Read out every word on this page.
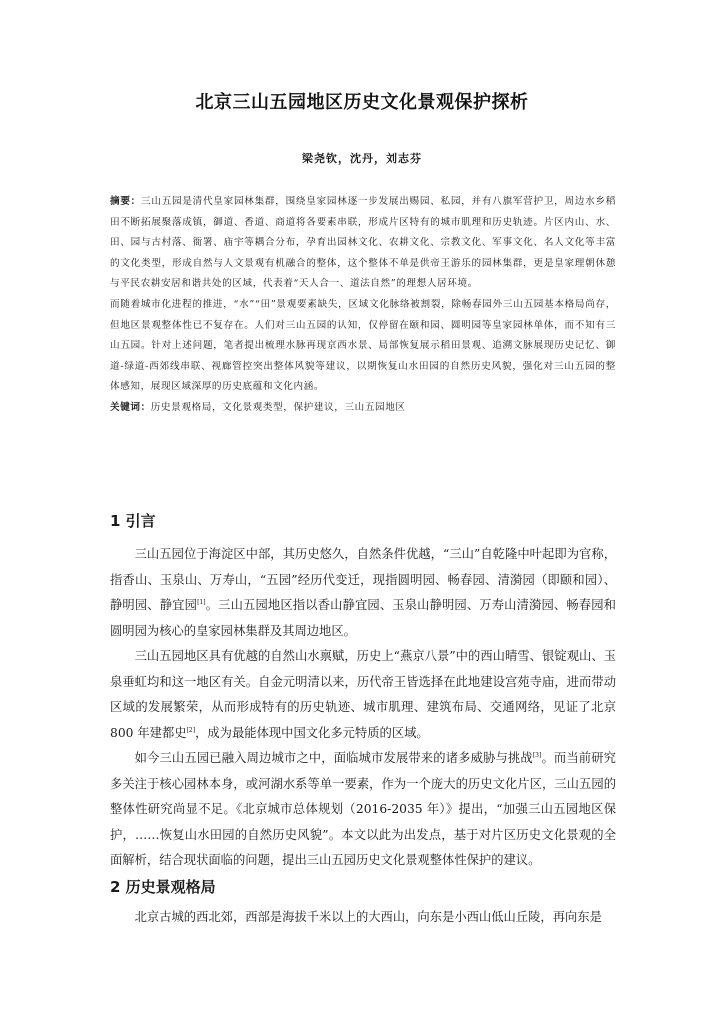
北京三山五园地区历史文化景观保护探析
梁尧钦，沈丹，刘志芬

摘要：三山五园是清代皇家园林集群，围绕皇家园林逐一步发展出赐园、私园，并有八旗军营护卫，周边水乡稻田不断拓展聚落成镇，御道、香道、商道将各要素串联，形成片区特有的城市肌理和历史轨迹。片区内山、水、田、园与古村落、衙署、庙宇等耦合分布，孕育出园林文化、农耕文化、宗教文化、军事文化、名人文化等丰富的文化类型，形成自然与人文景观有机融合的整体，这个整体不单是供帝王游乐的园林集群，更是皇家理朝休憩与平民农耕安居和谐共处的区域，代表着“天人合一、道法自然”的理想人居环境。

而随着城市化进程的推进，“水”“田”景观要素缺失，区域文化脉络被割裂，除畅春园外三山五园基本格局尚存，但地区景观整体性已不复存在。人们对三山五园的认知，仅停留在颐和园、圆明园等皇家园林单体，而不知有三山五园。针对上述问题，笔者提出梳理水脉再现京西水景、局部恢复展示稻田景观、追溯文脉展现历史记忆、御道-绿道-西郊线串联、视廊管控突出整体风貌等建议，以期恢复山水田园的自然历史风貌，强化对三山五园的整体感知，展现区域深厚的历史底蕴和文化内涵。

关键词：历史景观格局，文化景观类型，保护建议，三山五园地区

1 引言

三山五园位于海淀区中部，其历史悠久，自然条件优越，“三山”自乾隆中叶起即为官称，指香山、玉泉山、万寿山，“五园”经历代变迁，现指圆明园、畅春园、清漪园（即颐和园）、静明园、静宜园[1]。三山五园地区指以香山静宜园、玉泉山静明园、万寿山清漪园、畅春园和圆明园为核心的皇家园林集群及其周边地区。

三山五园地区具有优越的自然山水禀赋，历史上“燕京八景”中的西山晴雪、银锭观山、玉泉垂虹均和这一地区有关。自金元明清以来，历代帝王皆选择在此地建设宫苑寺庙，进而带动区域的发展繁荣，从而形成特有的历史轨迹、城市肌理、建筑布局、交通网络，见证了北京 800 年建都史[2]，成为最能体现中国文化多元特质的区域。

如今三山五园已融入周边城市之中，面临城市发展带来的诸多威胁与挑战[3]。而当前研究多关注于核心园林本身，或河湖水系等单一要素，作为一个庞大的历史文化片区，三山五园的整体性研究尚显不足。《北京城市总体规划（2016-2035 年）》提出，“加强三山五园地区保护，……恢复山水田园的自然历史风貌”。本文以此为出发点，基于对片区历史文化景观的全面解析，结合现状面临的问题，提出三山五园历史文化景观整体性保护的建议。

2 历史景观格局

北京古城的西北郊，西部是海拔千米以上的大西山，向东是小西山低山丘陵，再向东是
